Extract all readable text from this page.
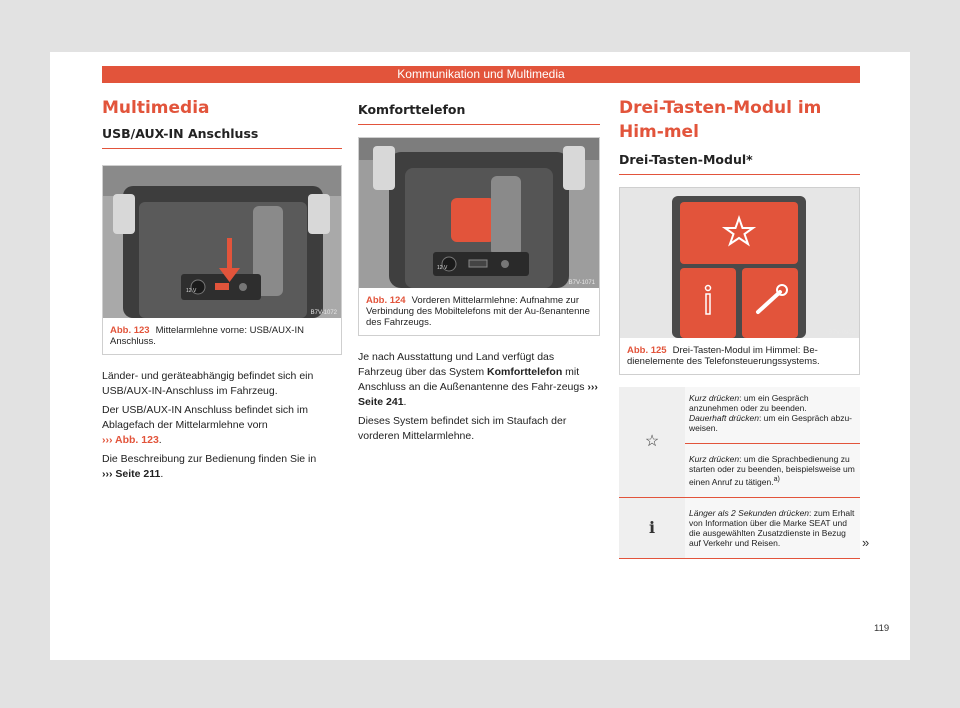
Kommunikation und Multimedia
Multimedia
USB/AUX-IN Anschluss
12 V
B7V-1072
Abb. 123 Mittelarmlehne vorne: USB/AUX-IN Anschluss.

Länder- und geräteabhängig befindet sich ein USB/AUX-IN-Anschluss im Fahrzeug.

Der USB/AUX-IN Anschluss befindet sich im Ablagefach der Mittelarmlehne vorn
››› Abb. 123.

Die Beschreibung zur Bedienung finden Sie in
››› Seite 211.

Komforttelefon
12 V
B7V-1071
Abb. 124 Vorderen Mittelarmlehne: Aufnahme zur Verbindung des Mobiltelefons mit der Au-ßenantenne des Fahrzeugs.

Je nach Ausstattung und Land verfügt das Fahrzeug über das System Komforttelefon mit Anschluss an die Außenantenne des Fahr-zeugs ››› Seite 241.

Dieses System befindet sich im Staufach der vorderen Mittelarmlehne.

Drei-Tasten-Modul im Him-mel
Drei-Tasten-Modul*
B7V-0903
Abb. 125 Drei-Tasten-Modul im Himmel: Be-dienelemente des Telefonsteuerungssystems.
☆	Kurz drücken: um ein Gespräch anzunehmen oder zu beenden.
Dauerhaft drücken: um ein Gespräch abzu-weisen.
	Kurz drücken: um die Sprachbedienung zu starten oder zu beenden, beispielsweise um einen Anruf zu tätigen.$^{a)}$
i	Länger als 2 Sekunden drücken: zum Erhalt von Information über die Marke SEAT und die ausgewählten Zusatzdienste in Bezug auf Verkehr und Reisen.	»
119
